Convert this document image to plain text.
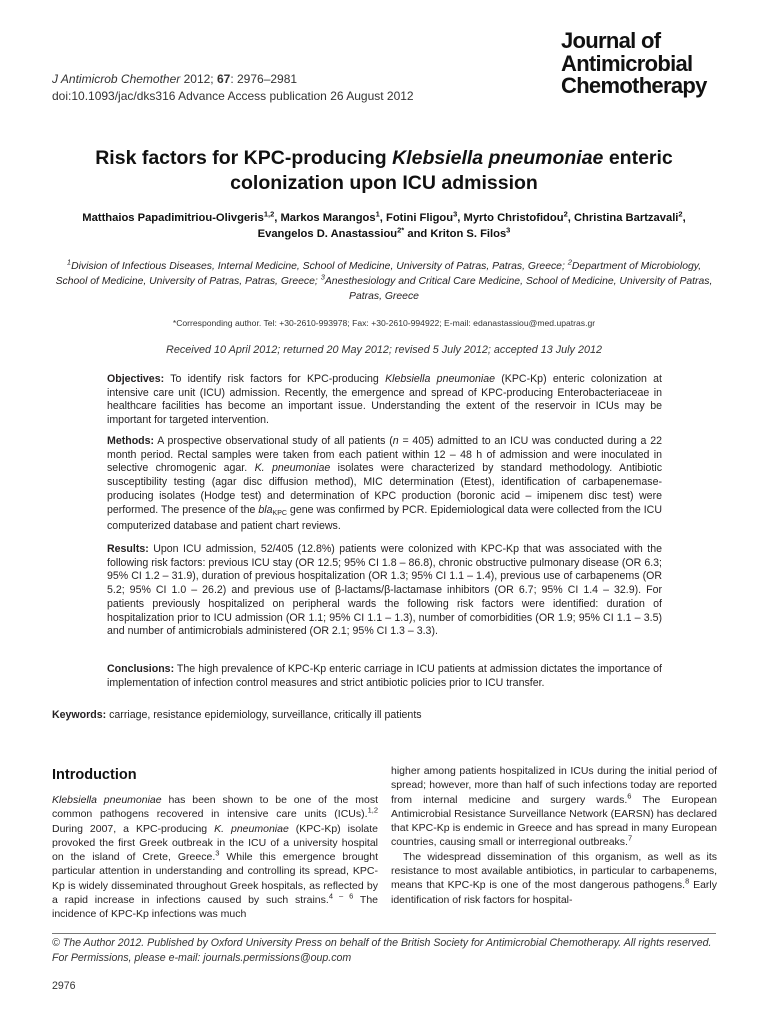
J Antimicrob Chemother 2012; 67: 2976–2981
doi:10.1093/jac/dks316 Advance Access publication 26 August 2012
Journal of
Antimicrobial
Chemotherapy
Risk factors for KPC-producing Klebsiella pneumoniae enteric
colonization upon ICU admission
Matthaios Papadimitriou-Olivgeris$^{1,2}$, Markos Marangos$^1$, Fotini Fligou$^3$, Myrto Christofidou$^2$, Christina Bartzavali$^2$,
Evangelos D. Anastassiou$^{2*}$ and Kriton S. Filos$^3$
$^1$Division of Infectious Diseases, Internal Medicine, School of Medicine, University of Patras, Patras, Greece; $^2$Department of Microbiology, School of Medicine, University of Patras, Patras, Greece; $^3$Anesthesiology and Critical Care Medicine, School of Medicine, University of Patras, Patras, Greece
*Corresponding author. Tel: +30-2610-993978; Fax: +30-2610-994922; E-mail: edanastassiou@med.upatras.gr
Received 10 April 2012; returned 20 May 2012; revised 5 July 2012; accepted 13 July 2012
Objectives: To identify risk factors for KPC-producing Klebsiella pneumoniae (KPC-Kp) enteric colonization at intensive care unit (ICU) admission. Recently, the emergence and spread of KPC-producing Enterobacteriaceae in healthcare facilities has become an important issue. Understanding the extent of the reservoir in ICUs may be important for targeted intervention.
Methods: A prospective observational study of all patients (n = 405) admitted to an ICU was conducted during a 22 month period. Rectal samples were taken from each patient within 12 – 48 h of admission and were inoculated in selective chromogenic agar. K. pneumoniae isolates were characterized by standard methodology. Antibiotic susceptibility testing (agar disc diffusion method), MIC determination (Etest), identification of carbapenemase-producing isolates (Hodge test) and determination of KPC production (boronic acid – imipenem disc test) were performed. The presence of the bla$_{KPC}$ gene was confirmed by PCR. Epidemiological data were collected from the ICU computerized database and patient chart reviews.
Results: Upon ICU admission, 52/405 (12.8%) patients were colonized with KPC-Kp that was associated with the following risk factors: previous ICU stay (OR 12.5; 95% CI 1.8 – 86.8), chronic obstructive pulmonary disease (OR 6.3; 95% CI 1.2 – 31.9), duration of previous hospitalization (OR 1.3; 95% CI 1.1 – 1.4), previous use of carbapenems (OR 5.2; 95% CI 1.0 – 26.2) and previous use of β-lactams/β-lactamase inhibitors (OR 6.7; 95% CI 1.4 – 32.9). For patients previously hospitalized on peripheral wards the following risk factors were identified: duration of hospitalization prior to ICU admission (OR 1.1; 95% CI 1.1 – 1.3), number of comorbidities (OR 1.9; 95% CI 1.1 – 3.5) and number of antimicrobials administered (OR 2.1; 95% CI 1.3 – 3.3).
Conclusions: The high prevalence of KPC-Kp enteric carriage in ICU patients at admission dictates the importance of implementation of infection control measures and strict antibiotic policies prior to ICU transfer.
Keywords: carriage, resistance epidemiology, surveillance, critically ill patients
Introduction

Klebsiella pneumoniae has been shown to be one of the most common pathogens recovered in intensive care units (ICUs).$^{1,2}$ During 2007, a KPC-producing K. pneumoniae (KPC-Kp) isolate provoked the first Greek outbreak in the ICU of a university hospital on the island of Crete, Greece.$^3$ While this emergence brought particular attention in understanding and controlling its spread, KPC-Kp is widely disseminated throughout Greek hospitals, as reflected by a rapid increase in infections caused by such strains.$^{4 - 6}$ The incidence of KPC-Kp infections was much

higher among patients hospitalized in ICUs during the initial period of spread; however, more than half of such infections today are reported from internal medicine and surgery wards.$^6$ The European Antimicrobial Resistance Surveillance Network (EARSN) has declared that KPC-Kp is endemic in Greece and has spread in many European countries, causing small or interregional outbreaks.$^7$

The widespread dissemination of this organism, as well as its resistance to most available antibiotics, in particular to carbapenems, means that KPC-Kp is one of the most dangerous pathogens.$^8$ Early identification of risk factors for hospital-

© The Author 2012. Published by Oxford University Press on behalf of the British Society for Antimicrobial Chemotherapy. All rights reserved.
For Permissions, please e-mail: journals.permissions@oup.com
2976
